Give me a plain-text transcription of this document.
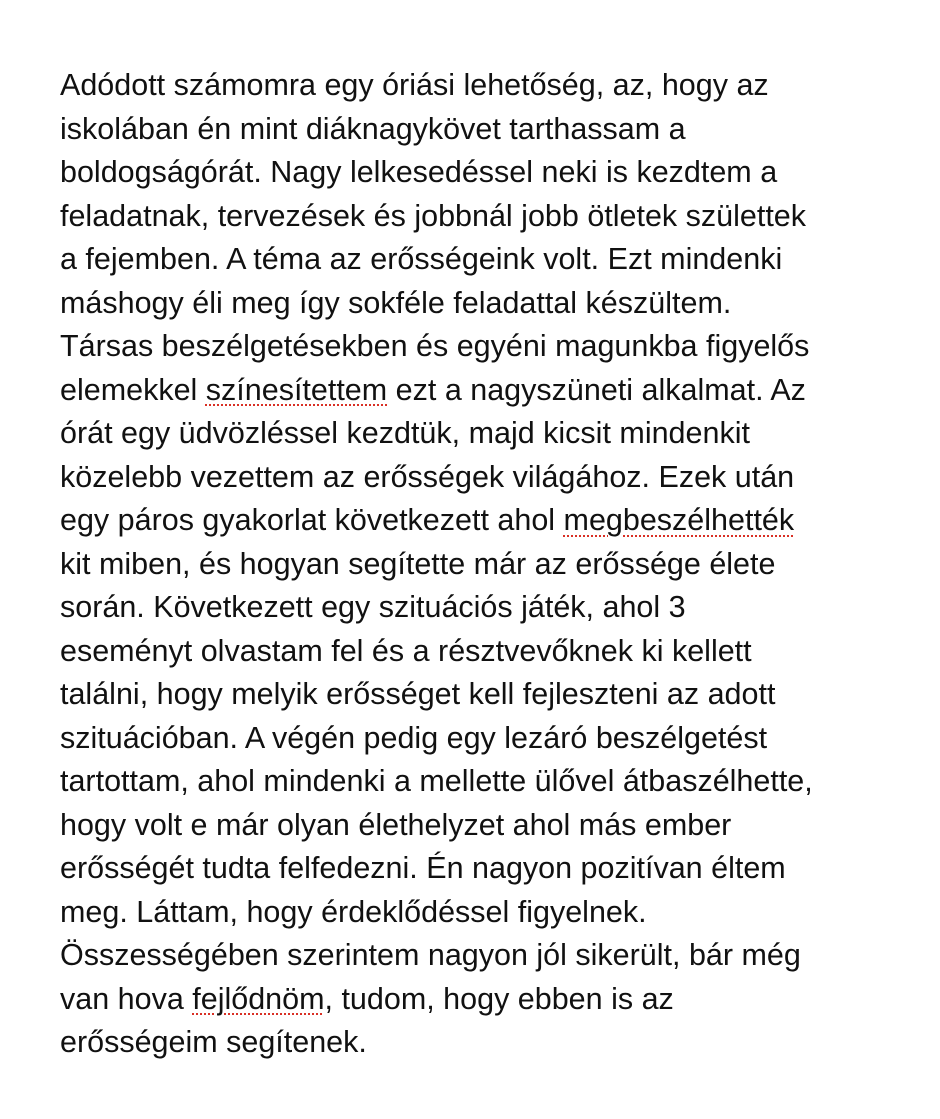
Adódott számomra egy óriási lehetőség, az, hogy az
iskolában én mint diáknagykövet tarthassam a
boldogságórát. Nagy lelkesedéssel neki is kezdtem a
feladatnak, tervezések és jobbnál jobb ötletek születtek
a fejemben. A téma az erősségeink volt. Ezt mindenki
máshogy éli meg így sokféle feladattal készültem.
Társas beszélgetésekben és egyéni magunkba figyelős
elemekkel színesítettem ezt a nagyszüneti alkalmat. Az
órát egy üdvözléssel kezdtük, majd kicsit mindenkit
közelebb vezettem az erősségek világához. Ezek után
egy páros gyakorlat következett ahol megbeszélhették
kit miben, és hogyan segítette már az erőssége élete
során. Következett egy szituációs játék, ahol 3
eseményt olvastam fel és a résztvevőknek ki kellett
találni, hogy melyik erősséget kell fejleszteni az adott
szituációban. A végén pedig egy lezáró beszélgetést
tartottam, ahol mindenki a mellette ülővel átbaszélhette,
hogy volt e már olyan élethelyzet ahol más ember
erősségét tudta felfedezni. Én nagyon pozitívan éltem
meg. Láttam, hogy érdeklődéssel figyelnek.
Összességében szerintem nagyon jól sikerült, bár még
van hova fejlődnöm, tudom, hogy ebben is az
erősségeim segítenek.
